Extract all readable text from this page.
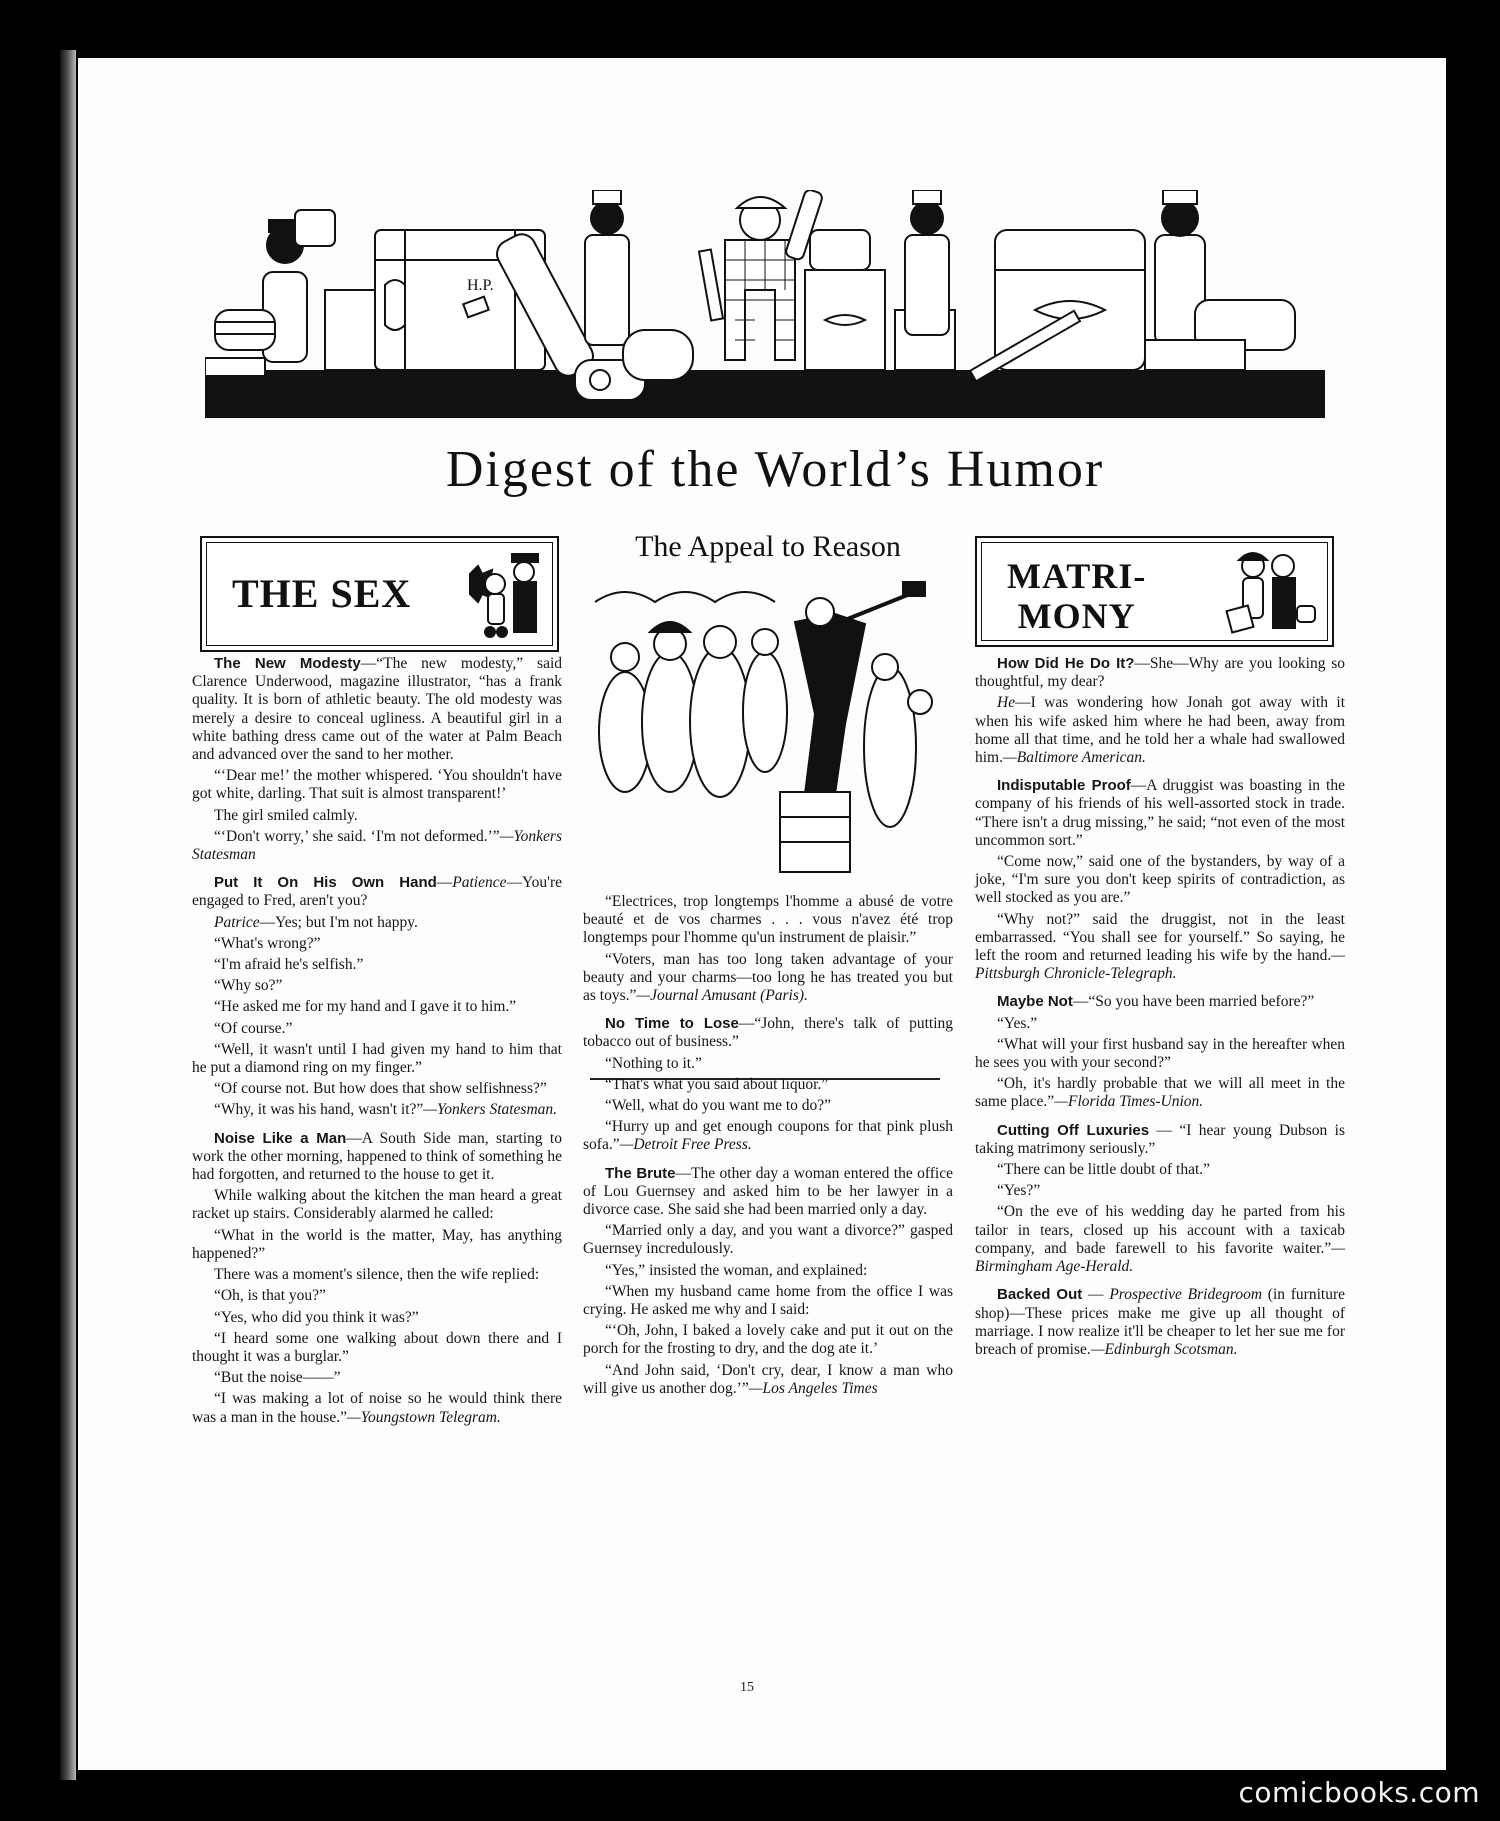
H.P.
Digest of the World’s Humor
THE SEX
The Appeal to Reason
MATRI-
MONY

The New Modesty—“The new modesty,” said Clarence Underwood, magazine illustrator, “has a frank quality. It is born of athletic beauty. The old modesty was merely a desire to conceal ugliness. A beautiful girl in a white bathing dress came out of the water at Palm Beach and advanced over the sand to her mother.

“‘Dear me!’ the mother whispered. ‘You shouldn't have got white, darling. That suit is almost transparent!’

The girl smiled calmly.

“‘Don't worry,’ she said. ‘I'm not deformed.’”—Yonkers Statesman

Put It On His Own Hand—Patience—You're engaged to Fred, aren't you?

Patrice—Yes; but I'm not happy.

“What's wrong?”

“I'm afraid he's selfish.”

“Why so?”

“He asked me for my hand and I gave it to him.”

“Of course.”

“Well, it wasn't until I had given my hand to him that he put a diamond ring on my finger.”

“Of course not. But how does that show selfishness?”

“Why, it was his hand, wasn't it?”—Yonkers Statesman.

Noise Like a Man—A South Side man, starting to work the other morning, happened to think of something he had forgotten, and returned to the house to get it.

While walking about the kitchen the man heard a great racket up stairs. Considerably alarmed he called:

“What in the world is the matter, May, has anything happened?”

There was a moment's silence, then the wife replied:

“Oh, is that you?”

“Yes, who did you think it was?”

“I heard some one walking about down there and I thought it was a burglar.”

“But the noise——”

“I was making a lot of noise so he would think there was a man in the house.”—Youngstown Telegram.

“Electrices, trop longtemps l'homme a abusé de votre beauté et de vos charmes . . . vous n'avez été trop longtemps pour l'homme qu'un instrument de plaisir.”

“Voters, man has too long taken advantage of your beauty and your charms—too long he has treated you but as toys.”—Journal Amusant (Paris).

No Time to Lose—“John, there's talk of putting tobacco out of business.”

“Nothing to it.”

“That's what you said about liquor.”

“Well, what do you want me to do?”

“Hurry up and get enough coupons for that pink plush sofa.”—Detroit Free Press.

The Brute—The other day a woman entered the office of Lou Guernsey and asked him to be her lawyer in a divorce case. She said she had been married only a day.

“Married only a day, and you want a divorce?” gasped Guernsey incredulously.

“Yes,” insisted the woman, and explained:

“When my husband came home from the office I was crying. He asked me why and I said:

“‘Oh, John, I baked a lovely cake and put it out on the porch for the frosting to dry, and the dog ate it.’

“And John said, ‘Don't cry, dear, I know a man who will give us another dog.’”—Los Angeles Times

How Did He Do It?—She—Why are you looking so thoughtful, my dear?

He—I was wondering how Jonah got away with it when his wife asked him where he had been, away from home all that time, and he told her a whale had swallowed him.—Baltimore American.

Indisputable Proof—A druggist was boasting in the company of his friends of his well-assorted stock in trade. “There isn't a drug missing,” he said; “not even of the most uncommon sort.”

“Come now,” said one of the bystanders, by way of a joke, “I'm sure you don't keep spirits of contradiction, as well stocked as you are.”

“Why not?” said the druggist, not in the least embarrassed. “You shall see for yourself.” So saying, he left the room and returned leading his wife by the hand.—Pittsburgh Chronicle-Telegraph.

Maybe Not—“So you have been married before?”

“Yes.”

“What will your first husband say in the hereafter when he sees you with your second?”

“Oh, it's hardly probable that we will all meet in the same place.”—Florida Times-Union.

Cutting Off Luxuries — “I hear young Dubson is taking matrimony seriously.”

“There can be little doubt of that.”

“Yes?”

“On the eve of his wedding day he parted from his tailor in tears, closed up his account with a taxicab company, and bade farewell to his favorite waiter.”—Birmingham Age-Herald.

Backed Out — Prospective Bridegroom (in furniture shop)—These prices make me give up all thought of marriage. I now realize it'll be cheaper to let her sue me for breach of promise.—Edinburgh Scotsman.

15
comicbooks.com
